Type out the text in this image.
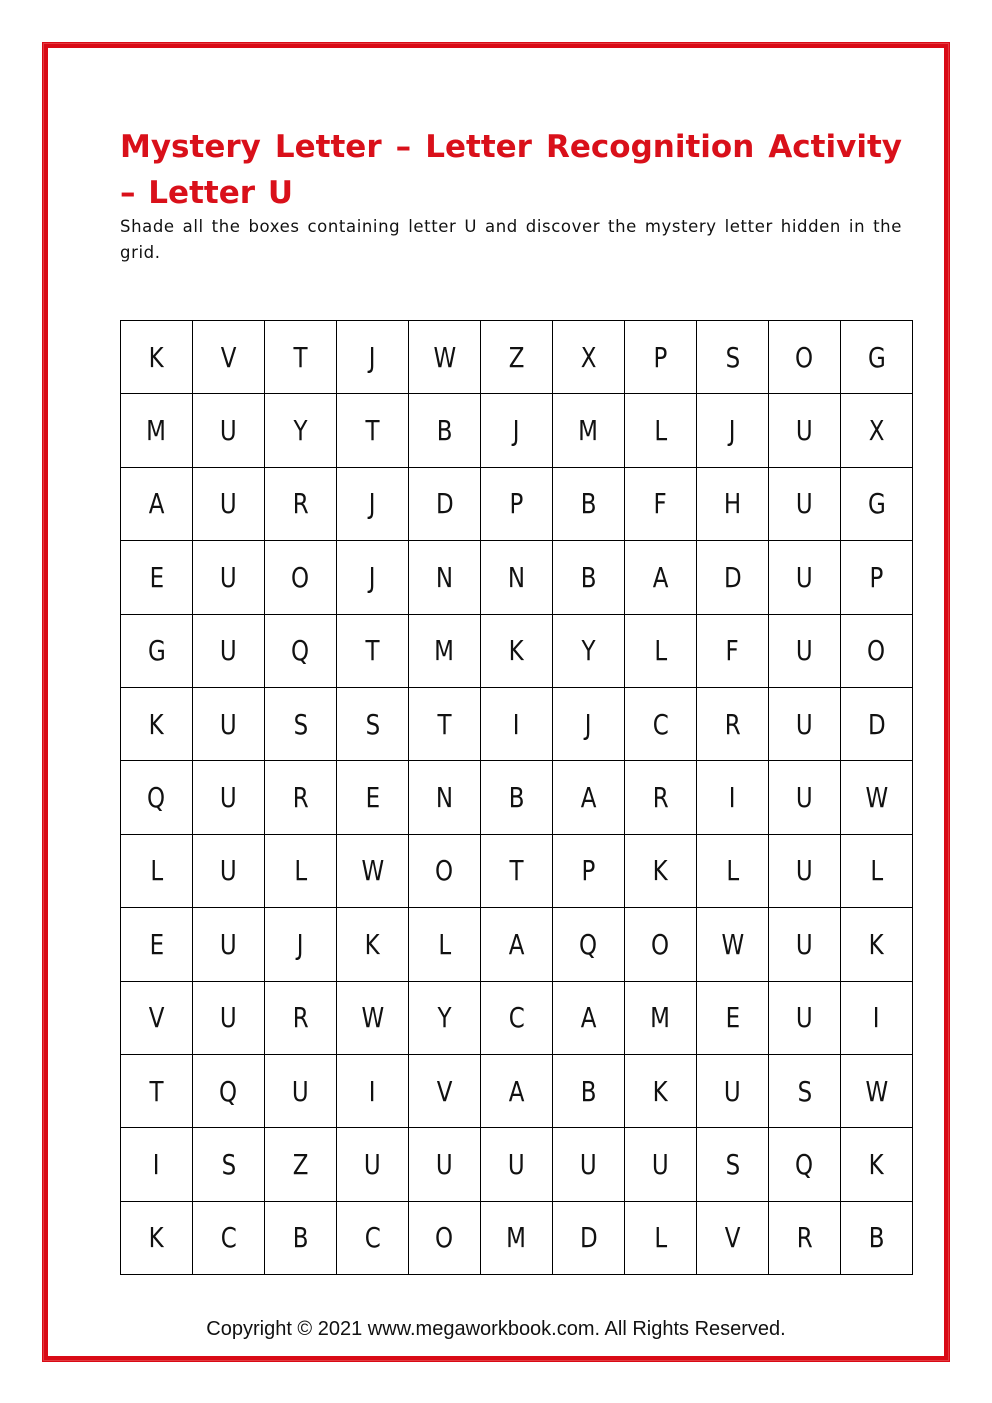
Mystery Letter – Letter Recognition Activity – Letter U

Shade all the boxes containing letter U and discover the mystery letter hidden in the grid.

K	V	T	J	W	Z	X	P	S	O	G
M	U	Y	T	B	J	M	L	J	U	X
A	U	R	J	D	P	B	F	H	U	G
E	U	O	J	N	N	B	A	D	U	P
G	U	Q	T	M	K	Y	L	F	U	O
K	U	S	S	T	I	J	C	R	U	D
Q	U	R	E	N	B	A	R	I	U	W
L	U	L	W	O	T	P	K	L	U	L
E	U	J	K	L	A	Q	O	W	U	K
V	U	R	W	Y	C	A	M	E	U	I
T	Q	U	I	V	A	B	K	U	S	W
I	S	Z	U	U	U	U	U	S	Q	K
K	C	B	C	O	M	D	L	V	R	B

Copyright © 2021 www.megaworkbook.com. All Rights Reserved.
